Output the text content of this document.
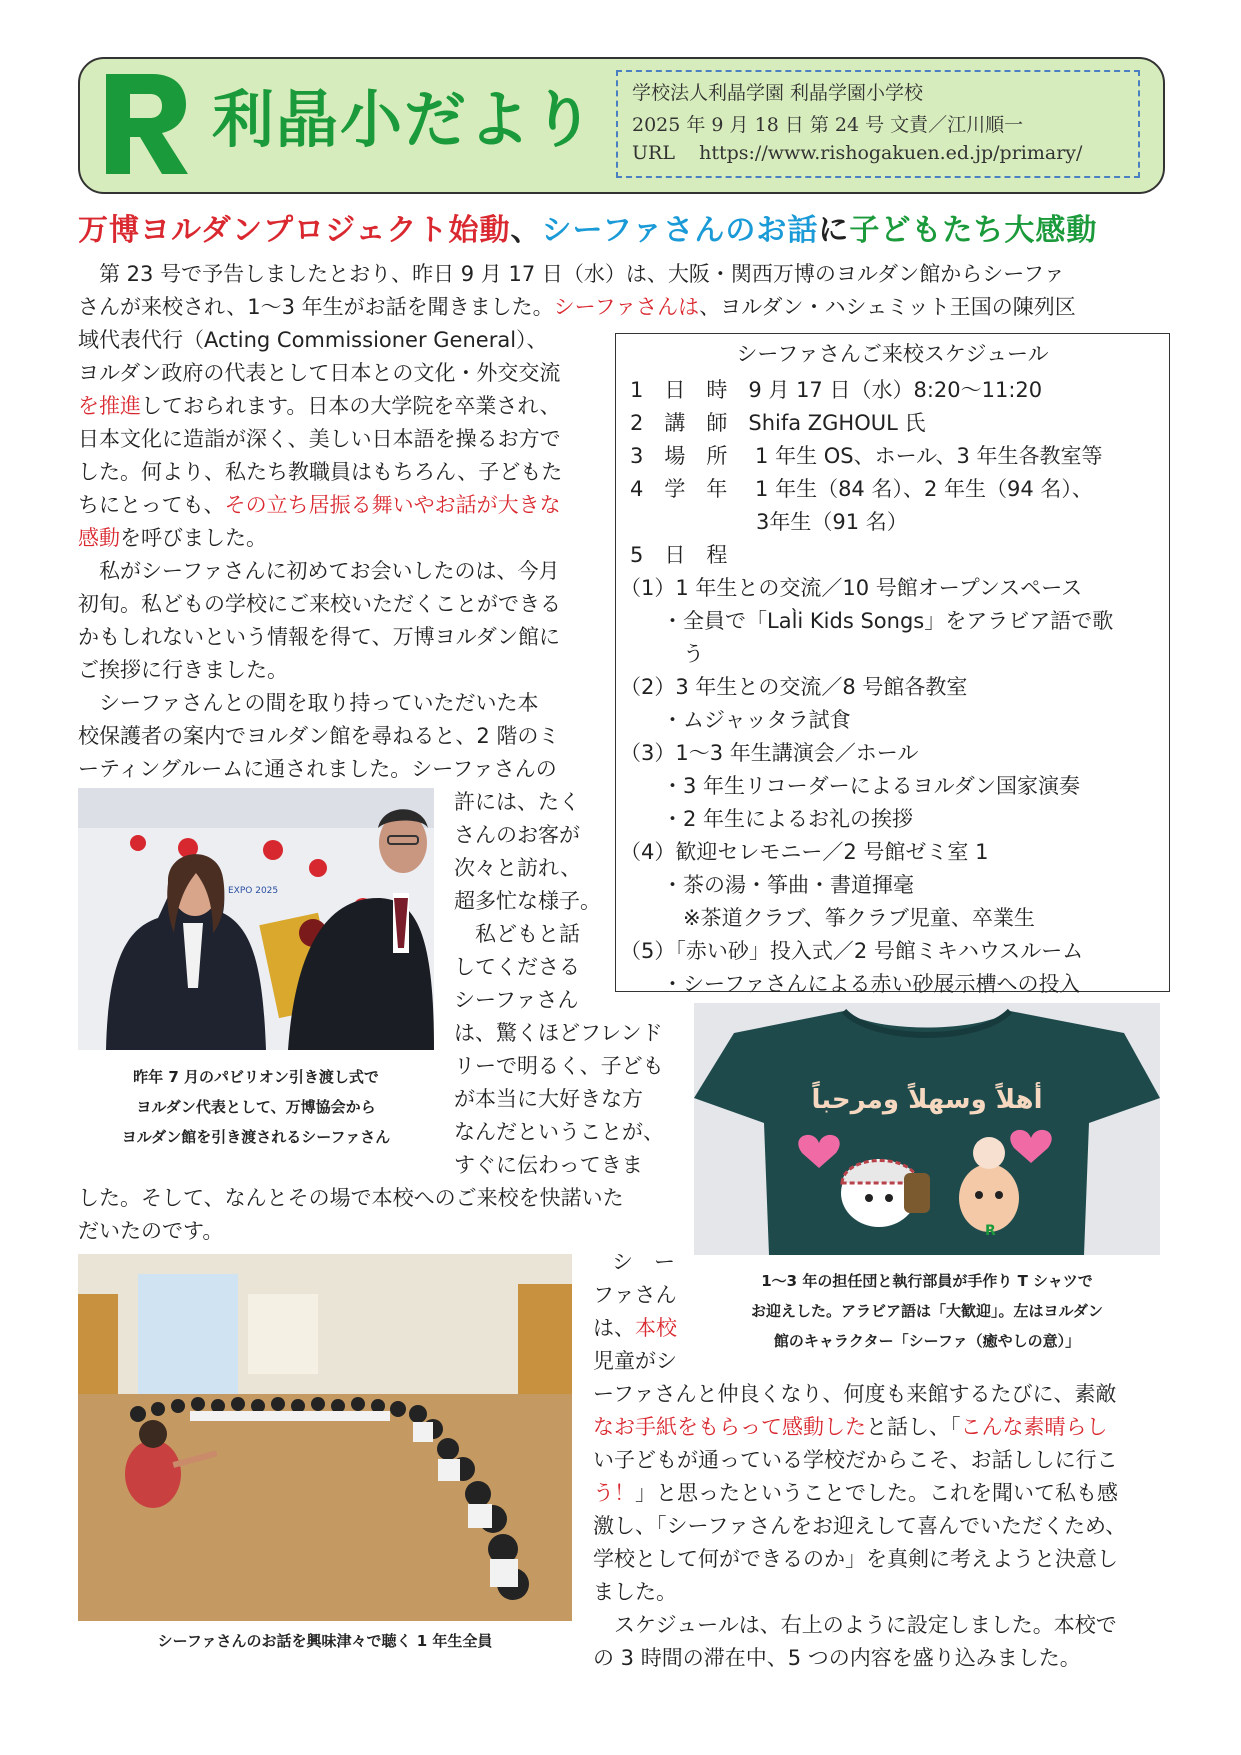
利晶小だより 学校法人利晶学園 利晶学園小学校
2025 年 9 月 18 日 第 24 号 文責／江川順一
URL https://www.rishogakuen.ed.jp/primary/
万博ヨルダンプロジェクト始動、シーファさんのお話に子どもたち大感動
　第 23 号で予告しましたとおり、昨日 9 月 17 日（水）は、大阪・関西万博のヨルダン館からシーファ
さんが来校され、1～3 年生がお話を聞きました。シーファさんは、ヨルダン・ハシェミット王国の陳列区
域代表代行（Acting Commissioner General）、
ヨルダン政府の代表として日本との文化・外交交流
を推進しておられます。日本の大学院を卒業され、
日本文化に造詣が深く、美しい日本語を操るお方で
した。何より、私たち教職員はもちろん、子どもた
ちにとっても、その立ち居振る舞いやお話が大きな
感動を呼びました。
　私がシーファさんに初めてお会いしたのは、今月
初旬。私どもの学校にご来校いただくことができる
かもしれないという情報を得て、万博ヨルダン館に
ご挨拶に行きました。
　シーファさんとの間を取り持っていただいた本
校保護者の案内でヨルダン館を尋ねると、2 階のミ
ーティングルームに通されました。シーファさんの
EXPO 2025
昨年 7 月のパビリオン引き渡し式で
ヨルダン代表として、万博協会から
ヨルダン館を引き渡されるシーファさん
許には、たく
さんのお客が
次々と訪れ、
超多忙な様子。
　私どもと話
してくださる
シーファさん
は、驚くほどフレンド
リーで明るく、子ども
が本当に大好きな方
なんだということが、
すぐに伝わってきま
した。そして、なんとその場で本校へのご来校を快諾いた
だいたのです。
シーファさんご来校スケジュール
1　日　時　9 月 17 日（水）8:20～11:20
2　講　師　Shifa ZGHOUL 氏
3　場　所　 1 年生 OS、ホール、3 年生各教室等
4　学　年　 1 年生（84 名）、2 年生（94 名）、
　　　　　　3年生（91 名）
5　日　程
（1）1 年生との交流／10 号館オープンスペース
　　・全員で「Lal̀i Kids Songs」をアラビア語で歌
　　　う
（2）3 年生との交流／8 号館各教室
　　・ムジャッタラ試食
（3）1～3 年生講演会／ホール
　　・3 年生リコーダーによるヨルダン国家演奏
　　・2 年生によるお礼の挨拶
（4）歓迎セレモニー／2 号館ゼミ室 1
　　・茶の湯・筝曲・書道揮毫
　　　※茶道クラブ、筝クラブ児童、卒業生
（5）「赤い砂」投入式／2 号館ミキハウスルーム
　　・シーファさんによる赤い砂展示槽への投入
أهلاً وسهلاً ومرحباً
R
1～3 年の担任団と執行部員が手作り T シャツで
お迎えした。アラビア語は「大歓迎」。左はヨルダン
館のキャラクター「シーファ（癒やしの意）」
シーファさんのお話を興味津々で聴く 1 年生全員
シ　ー
ファさん
は、本校
児童がシ
ーファさんと仲良くなり、何度も来館するたびに、素敵
なお手紙をもらって感動したと話し、「こんな素晴らし
い子どもが通っている学校だからこそ、お話ししに行こ
う！」と思ったということでした。これを聞いて私も感
激し、「シーファさんをお迎えして喜んでいただくため、
学校として何ができるのか」を真剣に考えようと決意し
ました。
　スケジュールは、右上のように設定しました。本校で
の 3 時間の滞在中、5 つの内容を盛り込みました。
